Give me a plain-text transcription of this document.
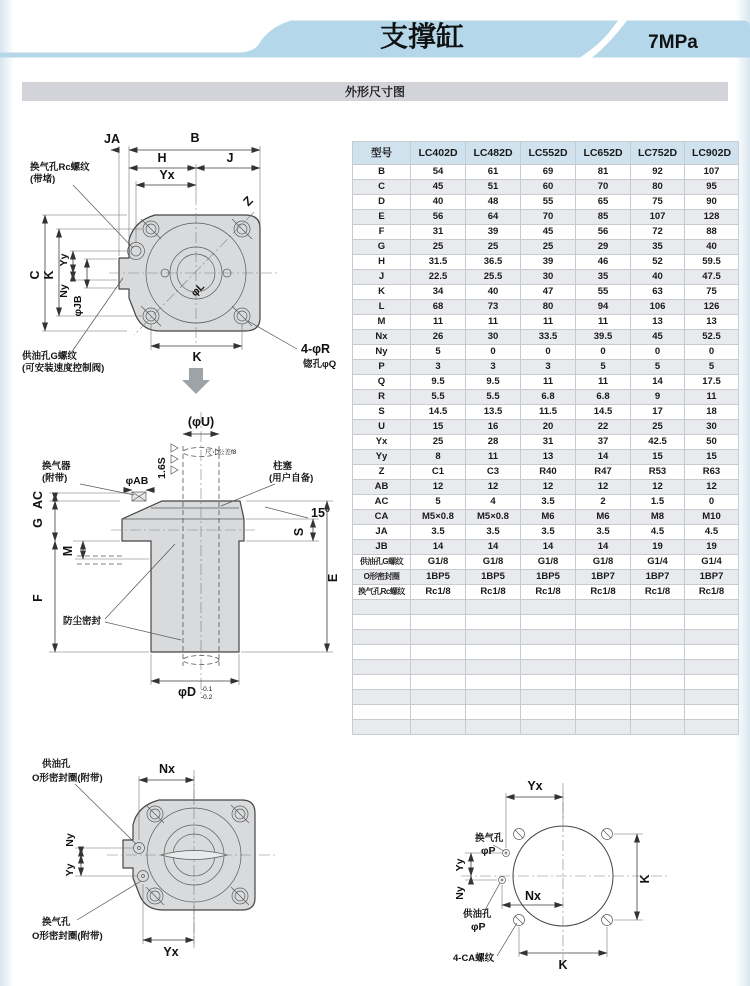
支撑缸	7MPa
外形尺寸图
型号	LC402D	LC482D	LC552D	LC652D	LC752D	LC902D
B	54	61	69	81	92	107
C	45	51	60	70	80	95
D	40	48	55	65	75	90
E	56	64	70	85	107	128
F	31	39	45	56	72	88
G	25	25	25	29	35	40
H	31.5	36.5	39	46	52	59.5
J	22.5	25.5	30	35	40	47.5
K	34	40	47	55	63	75
L	68	73	80	94	106	126
M	11	11	11	11	13	13
Nx	26	30	33.5	39.5	45	52.5
Ny	5	0	0	0	0	0
P	3	3	3	5	5	5
Q	9.5	9.5	11	11	14	17.5
R	5.5	5.5	6.8	6.8	9	11
S	14.5	13.5	11.5	14.5	17	18
U	15	16	20	22	25	30
Yx	25	28	31	37	42.5	50
Yy	8	11	13	14	15	15
Z	C1	C3	R40	R47	R53	R63
AB	12	12	12	12	12	12
AC	5	4	3.5	2	1.5	0
CA	M5×0.8	M5×0.8	M6	M6	M8	M10
JA	3.5	3.5	3.5	3.5	4.5	4.5
JB	14	14	14	14	19	19
供油孔G螺纹	G1/8	G1/8	G1/8	G1/8	G1/4	G1/4
O形密封圈	1BP5	1BP5	1BP5	1BP7	1BP7	1BP7
换气孔Rc螺纹	Rc1/8	Rc1/8	Rc1/8	Rc1/8	Rc1/8	Rc1/8

JA	B
H	J
Yx
Z
C K
Yy
Ny
φJB
K
4-φR
锪孔φQ
φL
换气孔Rc螺纹
(带堵)
供油孔G螺纹
(可安装速度控制阀)
(φU)
尺寸公差f8
1.6S
换气器
(附带)	φAB
柱塞
(用户自备)
15°
AC
G
M
F
S
E
防尘密封
φD -0.1
-0.2
Nx
Yx
Ny
Yy
供油孔
O形密封圈(附带)
换气孔
O形密封圈(附带)
Yx
K
K
Nx
Yy
Ny
换气孔
φP
供油孔
φP
4-CA螺纹
